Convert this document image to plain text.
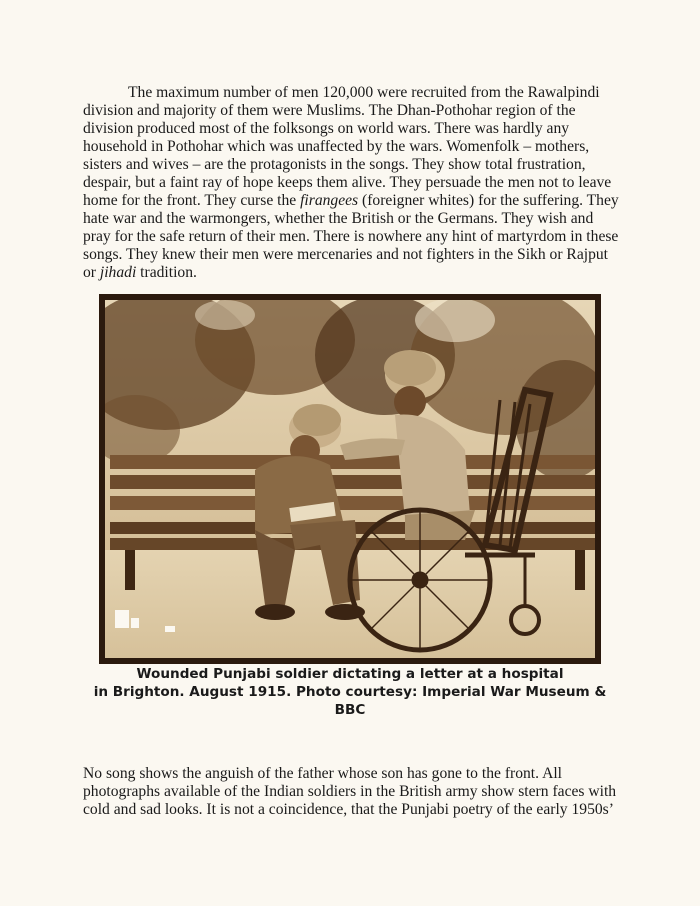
The maximum number of men 120,000 were recruited from the Rawalpindi division and majority of them were Muslims. The Dhan-Pothohar region of the division produced most of the folksongs on world wars. There was hardly any household in Pothohar which was unaffected by the wars. Womenfolk – mothers, sisters and wives – are the protagonists in the songs. They show total frustration, despair, but a faint ray of hope keeps them alive. They persuade the men not to leave home for the front. They curse the firangees (foreigner whites) for the suffering. They hate war and the warmongers, whether the British or the Germans. They wish and pray for the safe return of their men. There is nowhere any hint of martyrdom in these songs. They knew their men were mercenaries and not fighters in the Sikh or Rajput or jihadi tradition.

Wounded Punjabi soldier dictating a letter at a hospital
in Brighton. August 1915. Photo courtesy: Imperial War Museum &
BBC

No song shows the anguish of the father whose son has gone to the front. All photographs available of the Indian soldiers in the British army show stern faces with cold and sad looks. It is not a coincidence, that the Punjabi poetry of the early 1950s’
